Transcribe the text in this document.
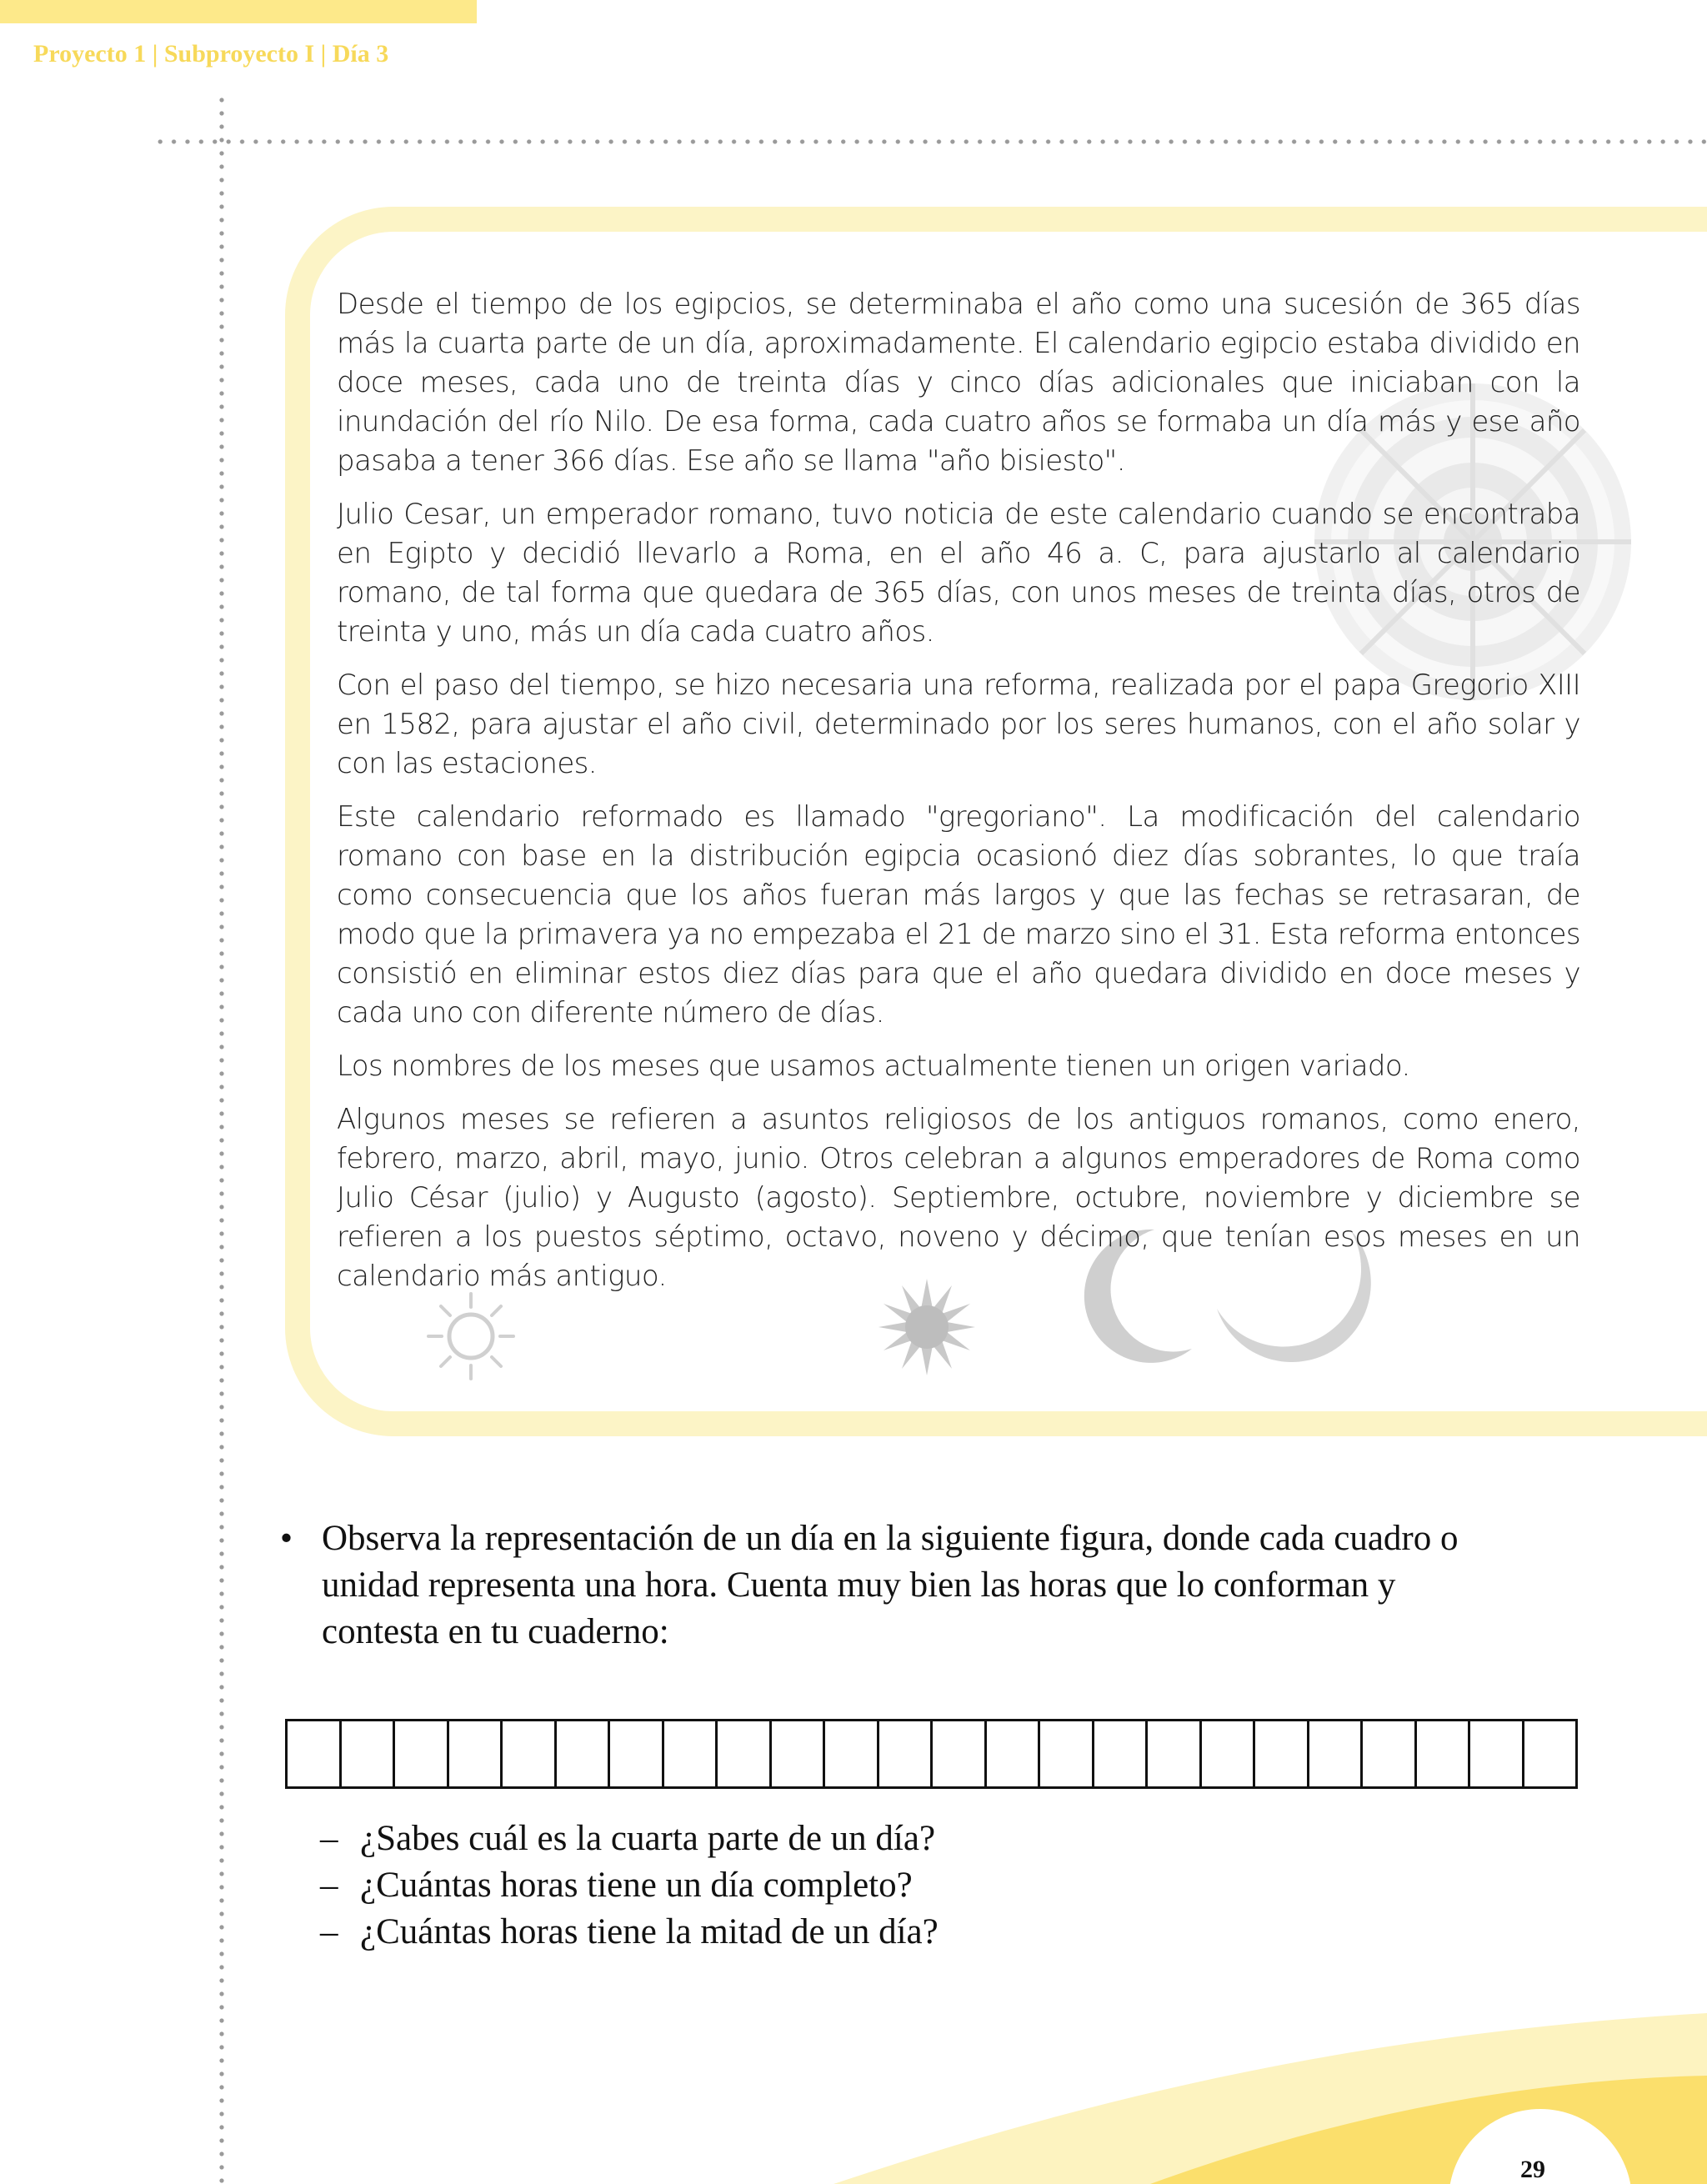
Proyecto 1 | Subproyecto I | Día 3

Desde el tiempo de los egipcios, se determinaba el año como una sucesión de 365 días más la cuarta parte de un día, aproximadamente. El calendario egipcio estaba dividido en doce meses, cada uno de treinta días y cinco días adicionales que iniciaban con la inundación del río Nilo. De esa forma, cada cuatro años se formaba un día más y ese año pasaba a tener 366 días. Ese año se llama "año bisiesto".

Julio Cesar, un emperador romano, tuvo noticia de este calendario cuando se encontraba en Egipto y decidió llevarlo a Roma, en el año 46 a. C, para ajustarlo al calendario romano, de tal forma que quedara de 365 días, con unos meses de treinta días, otros de treinta y uno, más un día cada cuatro años.

Con el paso del tiempo, se hizo necesaria una reforma, realizada por el papa Gregorio XIII en 1582, para ajustar el año civil, determinado por los seres humanos, con el año solar y con las estaciones.

Este calendario reformado es llamado "gregoriano". La modificación del calendario romano con base en la distribución egipcia ocasionó diez días sobrantes, lo que traía como consecuencia que los años fueran más largos y que las fechas se retrasaran, de modo que la primavera ya no empezaba el 21 de marzo sino el 31. Esta reforma entonces consistió en eliminar estos diez días para que el año quedara dividido en doce meses y cada uno con diferente número de días.

Los nombres de los meses que usamos actualmente tienen un origen variado.

Algunos meses se refieren a asuntos religiosos de los antiguos romanos, como enero, febrero, marzo, abril, mayo, junio. Otros celebran a algunos emperadores de Roma como Julio César (julio) y Augusto (agosto). Septiembre, octubre, noviembre y diciembre se refieren a los puestos séptimo, octavo, noveno y décimo, que tenían esos meses en un calendario más antiguo.

• Observa la representación de un día en la siguiente figura, donde cada cuadro o unidad representa una hora. Cuenta muy bien las horas que lo conforman y contesta en tu cuaderno:
– ¿Sabes cuál es la cuarta parte de un día?
– ¿Cuántas horas tiene un día completo?
– ¿Cuántas horas tiene la mitad de un día?
29
